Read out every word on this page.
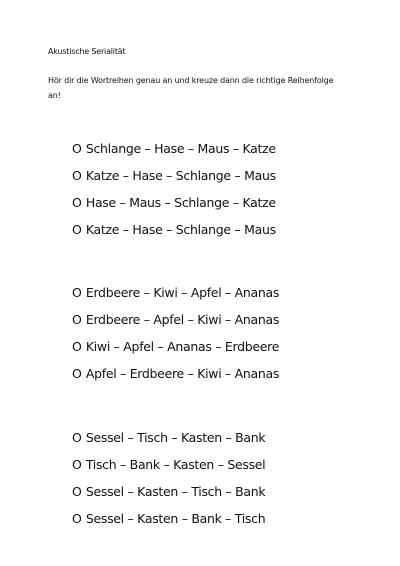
Akustische Serialität
Hör dir die Wortreihen genau an und kreuze dann die richtige Reihenfolge an!
O Schlange – Hase – Maus – Katze
O Katze – Hase – Schlange – Maus
O Hase – Maus – Schlange – Katze
O Katze – Hase – Schlange – Maus
O Erdbeere – Kiwi – Apfel – Ananas
O Erdbeere – Apfel – Kiwi – Ananas
O Kiwi – Apfel – Ananas – Erdbeere
O Apfel – Erdbeere – Kiwi – Ananas
O Sessel – Tisch – Kasten – Bank
O Tisch – Bank – Kasten – Sessel
O Sessel – Kasten – Tisch – Bank
O Sessel – Kasten – Bank – Tisch
